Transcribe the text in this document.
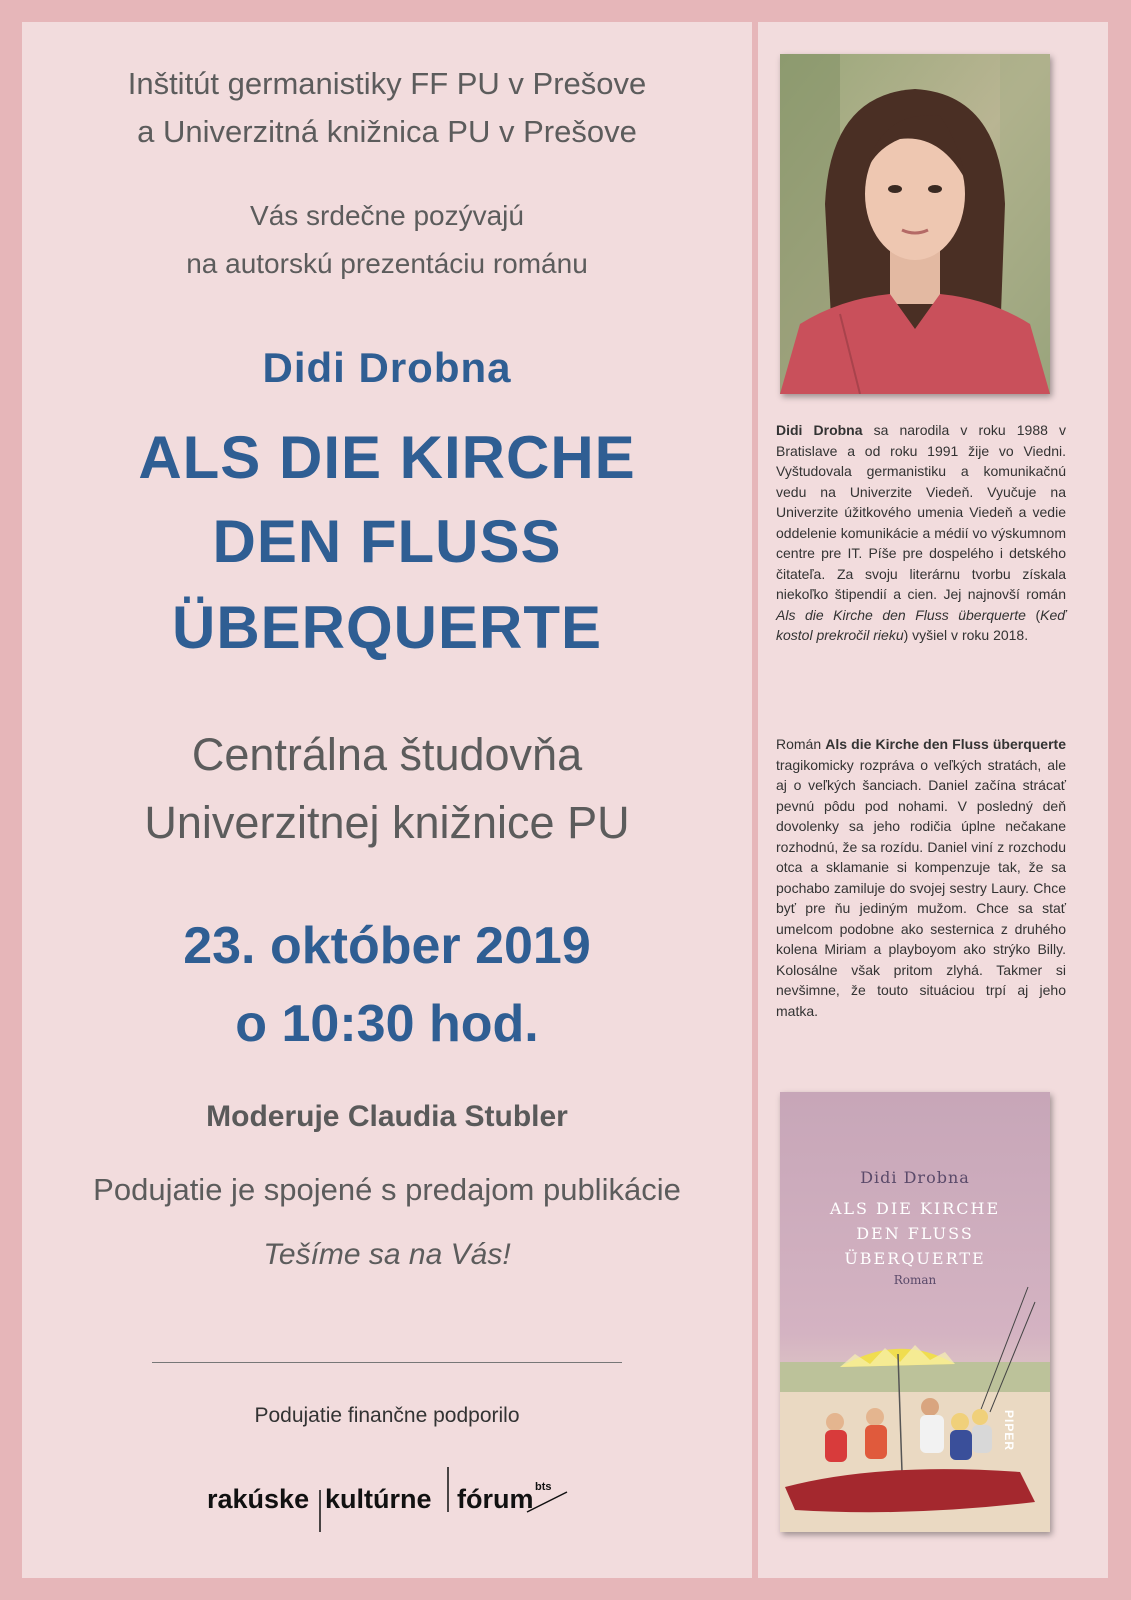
Inštitút germanistiky FF PU v Prešove
a Univerzitná knižnica PU v Prešove
Vás srdečne pozývajú
na autorskú prezentáciu románu
Didi Drobna
ALS DIE KIRCHE
DEN FLUSS
ÜBERQUERTE
Centrálna študovňa
Univerzitnej knižnice PU
23. október 2019
o 10:30 hod.
Moderuje Claudia Stubler
Podujatie je spojené s predajom publikácie
Tešíme sa na Vás!
Podujatie finančne podporilo
rakúske kultúrne fórum bts
Didi Drobna sa narodila v roku 1988 v Bratislave a od roku 1991 žije vo Viedni. Vyštudovala germanistiku a komunikačnú vedu na Univerzite Viedeň. Vyučuje na Univerzite úžitkového umenia Viedeň a vedie oddelenie komunikácie a médií vo výskumnom centre pre IT. Píše pre dospelého i detského čitateľa. Za svoju literárnu tvorbu získala niekoľko štipendií a cien. Jej najnovší román Als die Kirche den Fluss überquerte (Keď kostol prekročil rieku) vyšiel v roku 2018.
Román Als die Kirche den Fluss überquerte tragikomicky rozpráva o veľkých stratách, ale aj o veľkých šanciach. Daniel začína strácať pevnú pôdu pod nohami. V posledný deň dovolenky sa jeho rodičia úplne nečakane rozhodnú, že sa rozídu. Daniel viní z rozchodu otca a sklamanie si kompenzuje tak, že sa pochabo zamiluje do svojej sestry Laury. Chce byť pre ňu jediným mužom. Chce sa stať umelcom podobne ako sesternica z druhého kolena Miriam a playboyom ako strýko Billy. Kolosálne však pritom zlyhá. Takmer si nevšimne, že touto situáciou trpí aj jeho matka.
Didi Drobna
ALS DIE KIRCHE
DEN FLUSS
ÜBERQUERTE
Roman
PIPER
